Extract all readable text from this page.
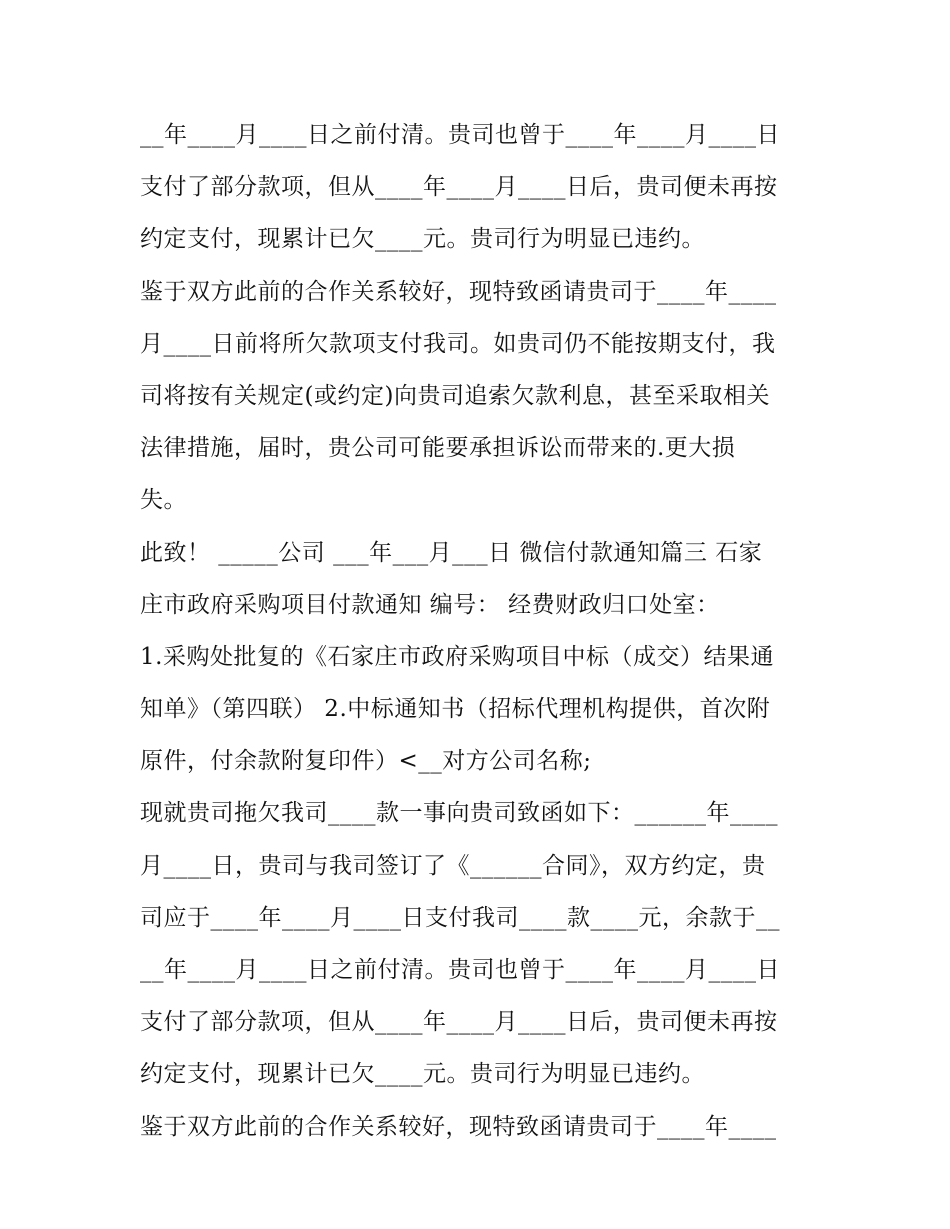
__年____月____日之前付清。贵司也曾于____年____月____日
支付了部分款项，但从____年____月____日后，贵司便未再按
约定支付，现累计已欠____元。贵司行为明显已违约。
鉴于双方此前的合作关系较好，现特致函请贵司于____年____
月____日前将所欠款项支付我司。如贵司仍不能按期支付，我
司将按有关规定(或约定)向贵司追索欠款利息，甚至采取相关
法律措施，届时，贵公司可能要承担诉讼而带来的.更大损
失。
此致！ _____公司 ___年___月___日 微信付款通知篇三 石家
庄市政府采购项目付款通知 编号： 经费财政归口处室：
1.采购处批复的《石家庄市政府采购项目中标（成交）结果通
知单》（第四联） 2.中标通知书（招标代理机构提供，首次附
原件，付余款附复印件）<__对方公司名称;
现就贵司拖欠我司____款一事向贵司致函如下：______年____
月____日，贵司与我司签订了《______合同》，双方约定，贵
司应于____年____月____日支付我司____款____元，余款于__
__年____月____日之前付清。贵司也曾于____年____月____日
支付了部分款项，但从____年____月____日后，贵司便未再按
约定支付，现累计已欠____元。贵司行为明显已违约。
鉴于双方此前的合作关系较好，现特致函请贵司于____年____
